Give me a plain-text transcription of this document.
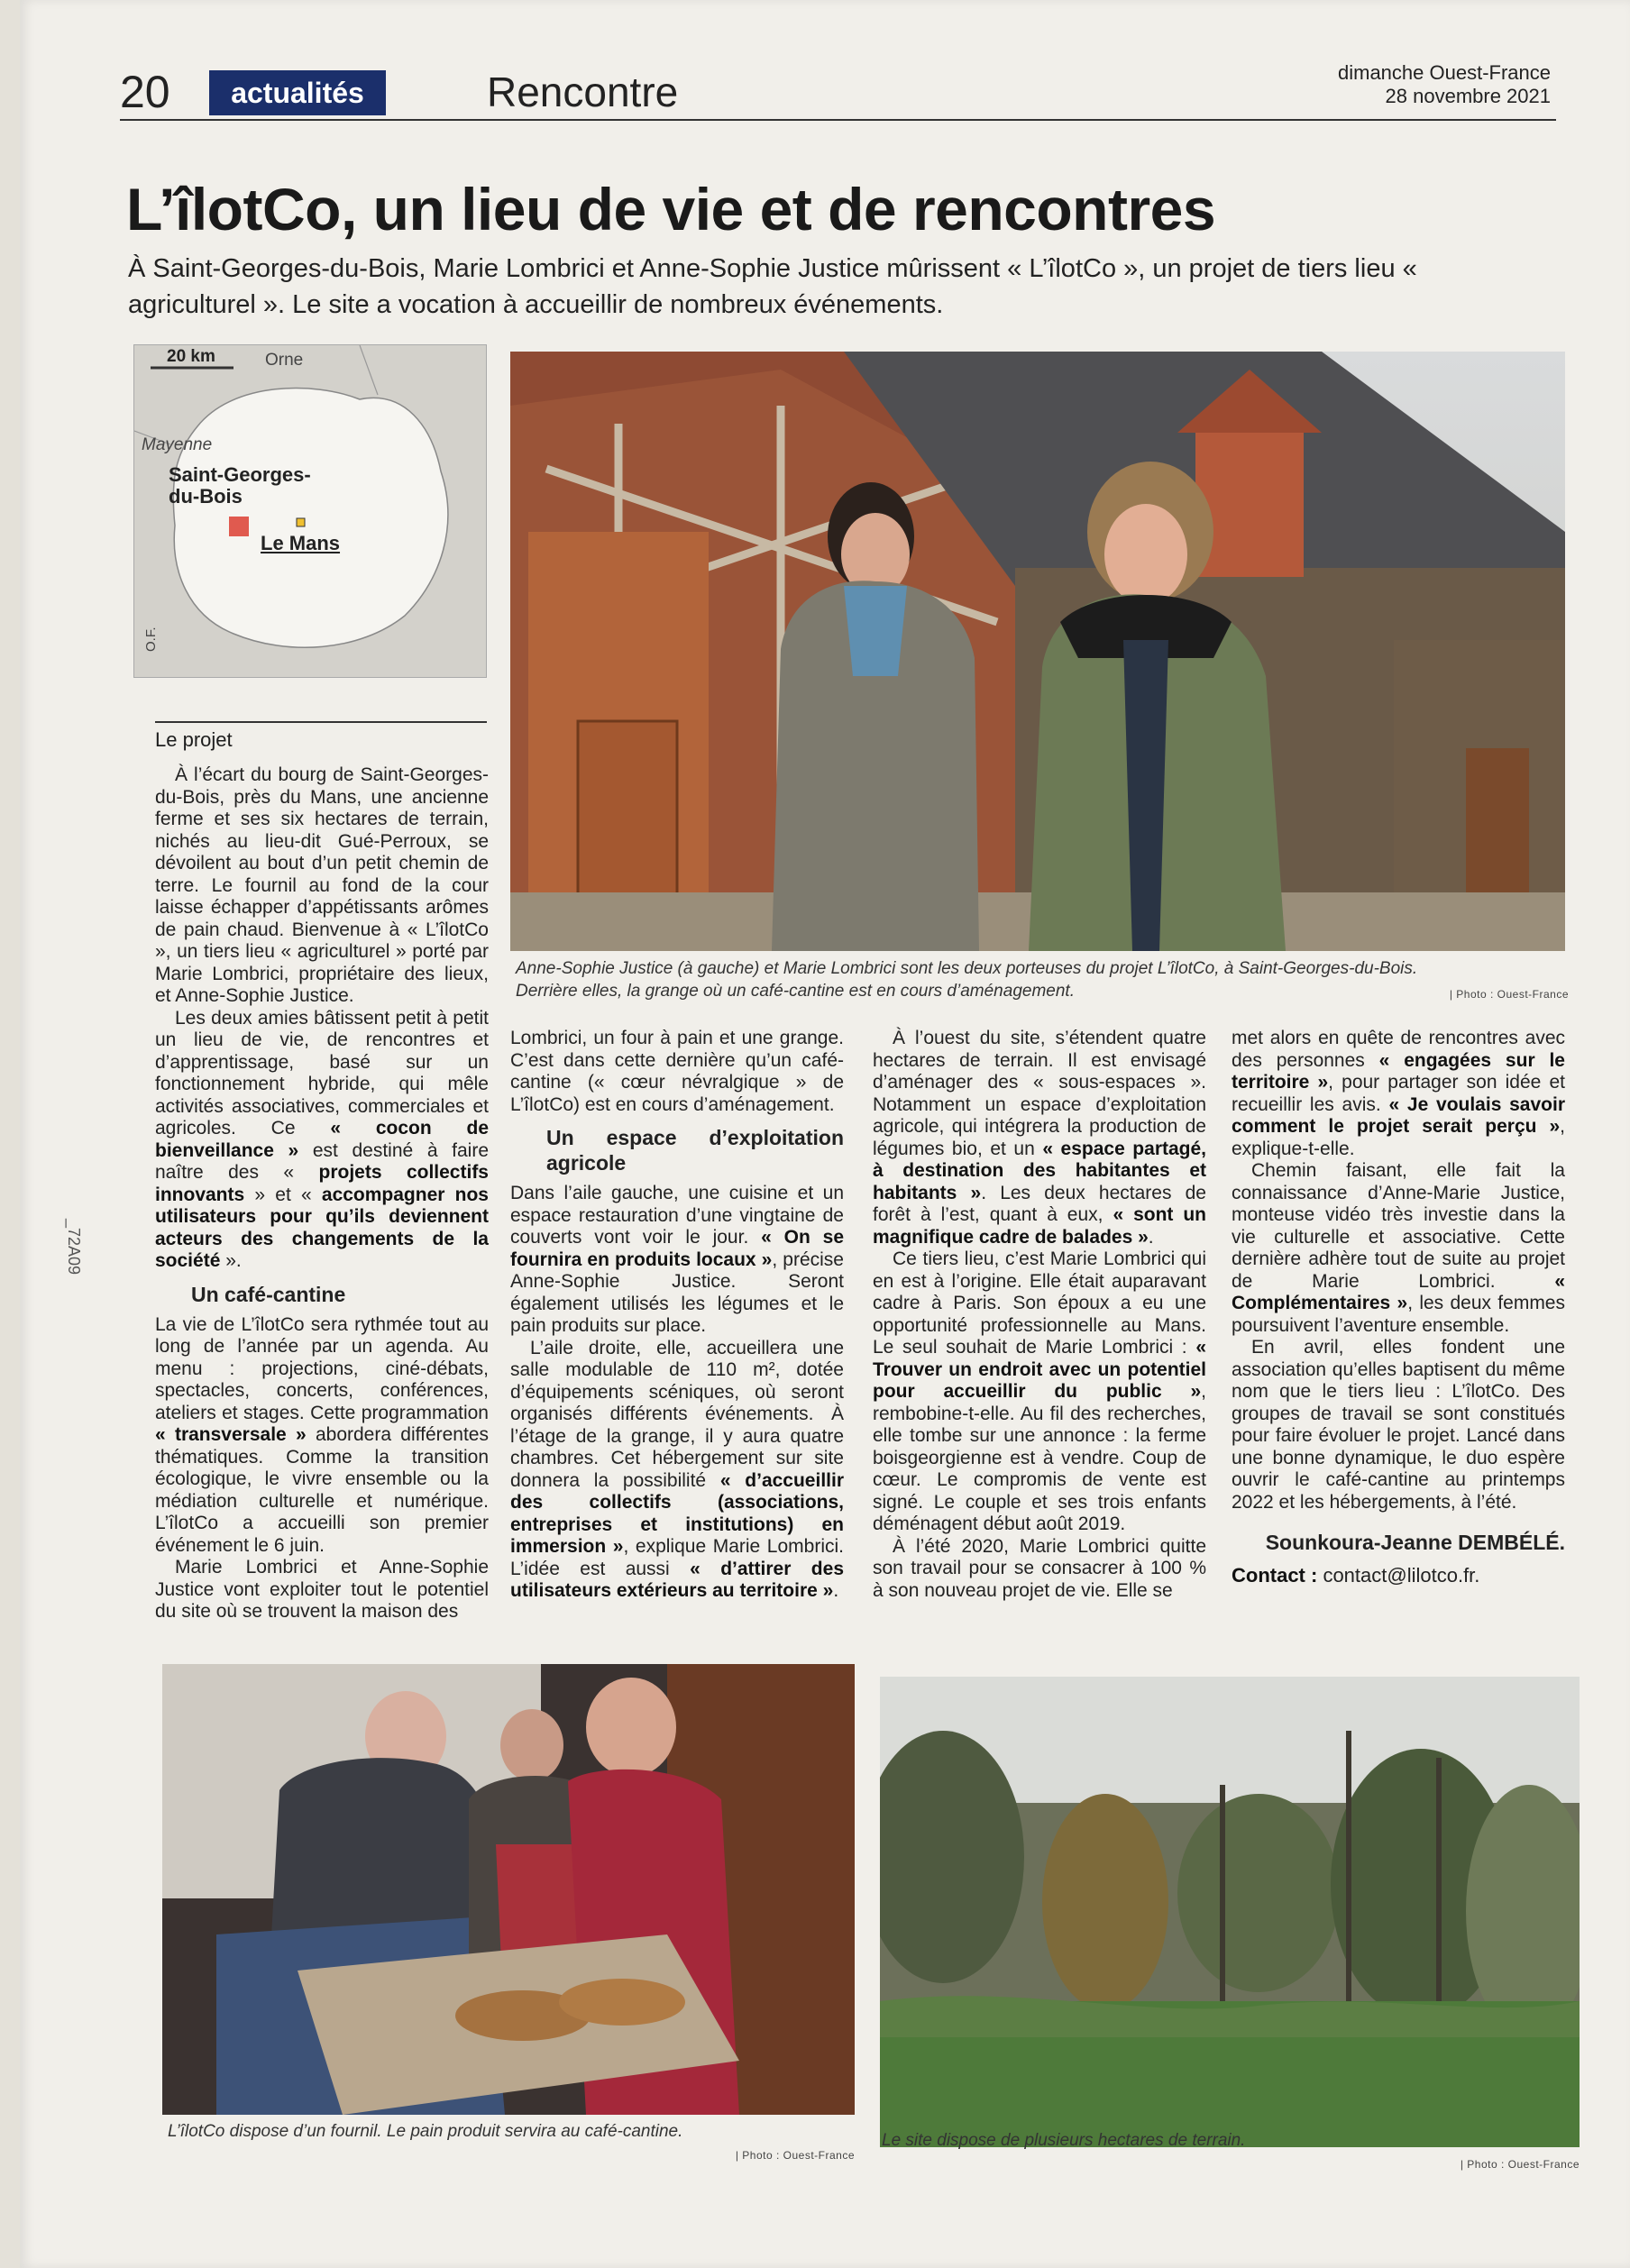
20	actualités	Rencontre	dimanche Ouest-France
28 novembre 2021
L’îlotCo, un lieu de vie et de rencontres
À Saint-Georges-du-Bois, Marie Lombrici et Anne-Sophie Justice mûrissent « L’îlotCo », un projet de tiers lieu « agriculturel ». Le site a vocation à accueillir de nombreux événements.
20 km	Orne
Mayenne
Saint-Georges-
du-Bois
Le Mans
O.F.
Anne-Sophie Justice (à gauche) et Marie Lombrici sont les deux porteuses du projet L’îlotCo, à Saint-Georges-du-Bois.
Derrière elles, la grange où un café-cantine est en cours d’aménagement.	| Photo : Ouest-France
Le projet

À l’écart du bourg de Saint-Georges-du-Bois, près du Mans, une ancienne ferme et ses six hectares de terrain, nichés au lieu-dit Gué-Perroux, se dévoilent au bout d’un petit chemin de terre. Le fournil au fond de la cour laisse échapper d’appétissants arômes de pain chaud. Bienvenue à « L’îlotCo », un tiers lieu « agriculturel » porté par Marie Lombrici, propriétaire des lieux, et Anne-Sophie Justice.

Les deux amies bâtissent petit à petit un lieu de vie, de rencontres et d’apprentissage, basé sur un fonctionnement hybride, qui mêle activités associatives, commerciales et agricoles. Ce « cocon de bienveillance » est destiné à faire naître des « projets collectifs innovants » et « accompagner nos utilisateurs pour qu’ils deviennent acteurs des changements de la société ».

Un café-cantine

La vie de L’îlotCo sera rythmée tout au long de l’année par un agenda. Au menu : projections, ciné-débats, spectacles, concerts, conférences, ateliers et stages. Cette programmation « transversale » abordera différentes thématiques. Comme la transition écologique, le vivre ensemble ou la médiation culturelle et numérique. L’îlotCo a accueilli son premier événement le 6 juin.

Marie Lombrici et Anne-Sophie Justice vont exploiter tout le potentiel du site où se trouvent la maison des

Lombrici, un four à pain et une grange. C’est dans cette dernière qu’un café-cantine (« cœur névralgique » de L’îlotCo) est en cours d’aménagement.

Un espace d’exploitation agricole

Dans l’aile gauche, une cuisine et un espace restauration d’une vingtaine de couverts vont voir le jour. « On se fournira en produits locaux », précise Anne-Sophie Justice. Seront également utilisés les légumes et le pain produits sur place.

L’aile droite, elle, accueillera une salle modulable de 110 m², dotée d’équipements scéniques, où seront organisés différents événements. À l’étage de la grange, il y aura quatre chambres. Cet hébergement sur site donnera la possibilité « d’accueillir des collectifs (associations, entreprises et institutions) en immersion », explique Marie Lombrici. L’idée est aussi « d’attirer des utilisateurs extérieurs au territoire ».

À l’ouest du site, s’étendent quatre hectares de terrain. Il est envisagé d’aménager des « sous-espaces ». Notamment un espace d’exploitation agricole, qui intégrera la production de légumes bio, et un « espace partagé, à destination des habitantes et habitants ». Les deux hectares de forêt à l’est, quant à eux, « sont un magnifique cadre de balades ».

Ce tiers lieu, c’est Marie Lombrici qui en est à l’origine. Elle était auparavant cadre à Paris. Son époux a eu une opportunité professionnelle au Mans. Le seul souhait de Marie Lombrici : « Trouver un endroit avec un potentiel pour accueillir du public », rembobine-t-elle. Au fil des recherches, elle tombe sur une annonce : la ferme boisgeorgienne est à vendre. Coup de cœur. Le compromis de vente est signé. Le couple et ses trois enfants déménagent début août 2019.

À l’été 2020, Marie Lombrici quitte son travail pour se consacrer à 100 % à son nouveau projet de vie. Elle se

met alors en quête de rencontres avec des personnes « engagées sur le territoire », pour partager son idée et recueillir les avis. « Je voulais savoir comment le projet serait perçu », explique-t-elle.

Chemin faisant, elle fait la connaissance d’Anne-Marie Justice, monteuse vidéo très investie dans la vie culturelle et associative. Cette dernière adhère tout de suite au projet de Marie Lombrici. « Complémentaires », les deux femmes poursuivent l’aventure ensemble.

En avril, elles fondent une association qu’elles baptisent du même nom que le tiers lieu : L’îlotCo. Des groupes de travail se sont constitués pour faire évoluer le projet. Lancé dans une bonne dynamique, le duo espère ouvrir le café-cantine au printemps 2022 et les hébergements, à l’été.

Sounkoura-Jeanne DEMBÉLÉ.
Contact : contact@lilotco.fr.
L’îlotCo dispose d’un fournil. Le pain produit servira au café-cantine.
| Photo : Ouest-France
Le site dispose de plusieurs hectares de terrain.
| Photo : Ouest-France
_72A09
